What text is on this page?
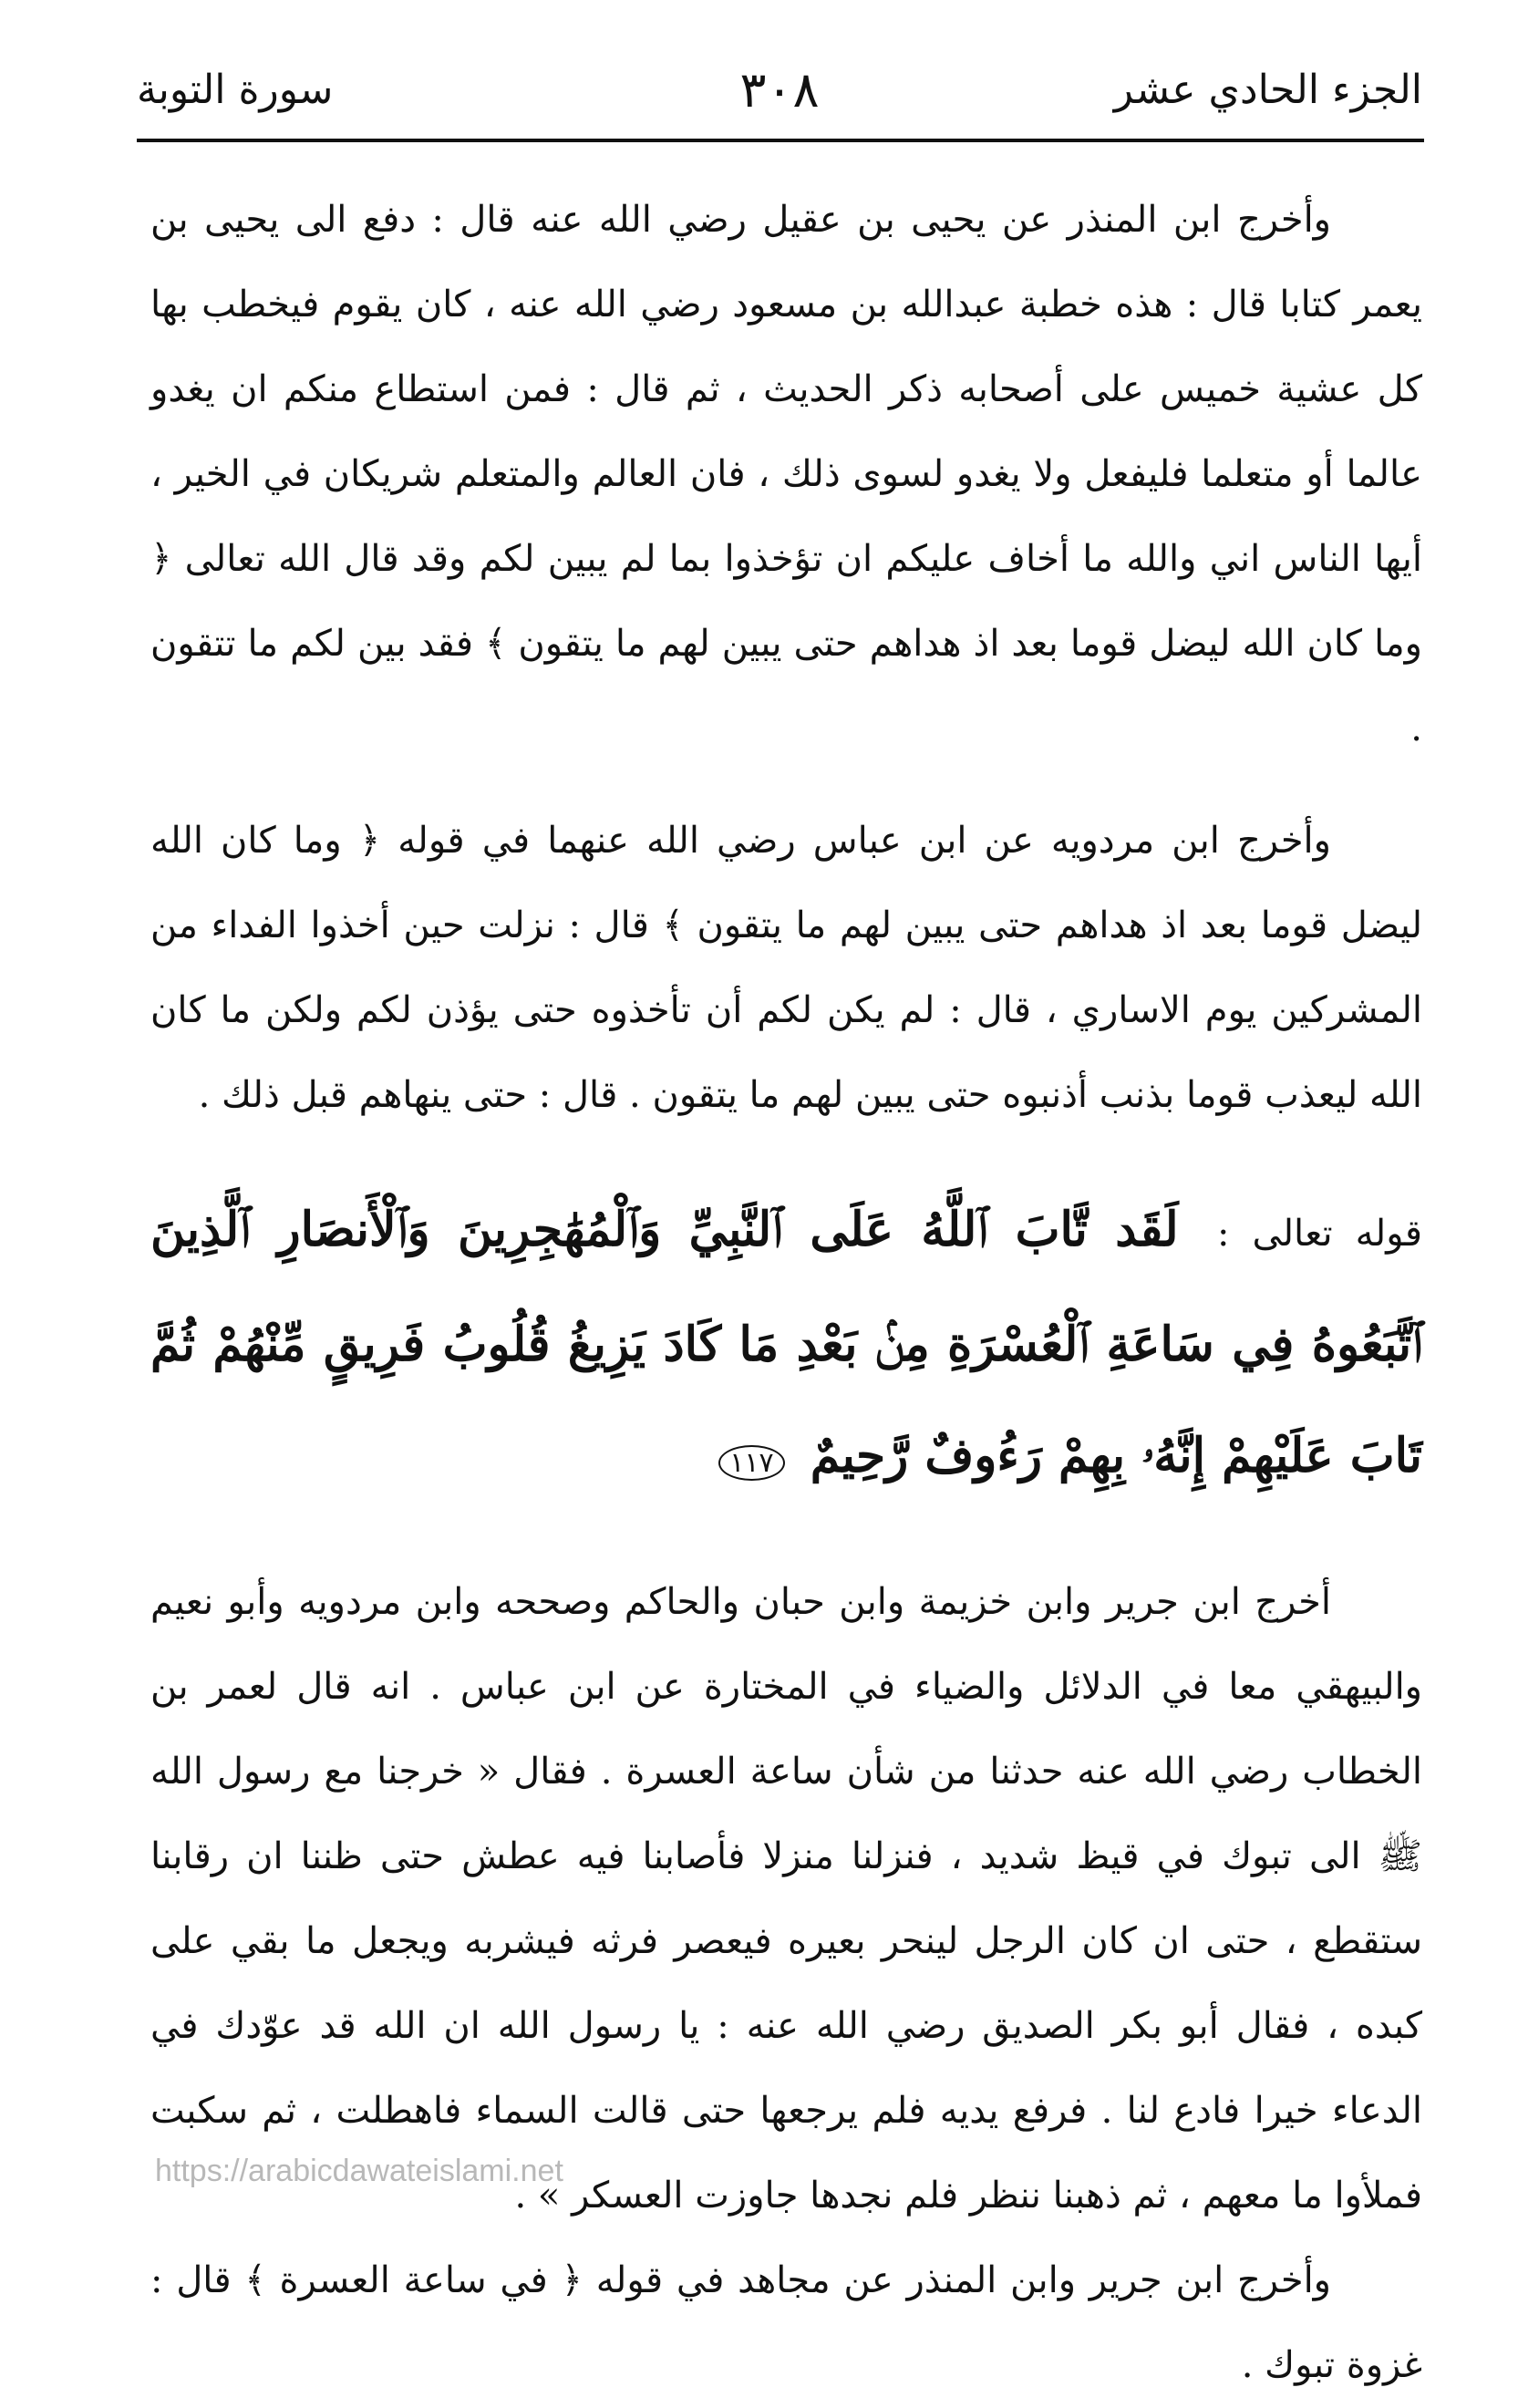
الجزء الحادي عشر
٣٠٨
سورة التوبة

وأخرج ابن المنذر عن يحيى بن عقيل رضي الله عنه قال : دفع الى يحيى بن يعمر كتابا قال : هذه خطبة عبدالله بن مسعود رضي الله عنه ، كان يقوم فيخطب بها كل عشية خميس على أصحابه ذكر الحديث ، ثم قال : فمن استطاع منكم ان يغدو عالما أو متعلما فليفعل ولا يغدو لسوى ذلك ، فان العالم والمتعلم شريكان في الخير ، أيها الناس اني والله ما أخاف عليكم ان تؤخذوا بما لم يبين لكم وقد قال الله تعالى ﴿ وما كان الله ليضل قوما بعد اذ هداهم حتى يبين لهم ما يتقون ﴾ فقد بين لكم ما تتقون .

وأخرج ابن مردويه عن ابن عباس رضي الله عنهما في قوله ﴿ وما كان الله ليضل قوما بعد اذ هداهم حتى يبين لهم ما يتقون ﴾ قال : نزلت حين أخذوا الفداء من المشركين يوم الاساري ، قال : لم يكن لكم أن تأخذوه حتى يؤذن لكم ولكن ما كان الله ليعذب قوما بذنب أذنبوه حتى يبين لهم ما يتقون . قال : حتى ينهاهم قبل ذلك .

قوله تعالى : لَقَد تَّابَ ٱللَّهُ عَلَى ٱلنَّبِيِّ وَٱلْمُهَٰجِرِينَ وَٱلْأَنصَارِ ٱلَّذِينَ ٱتَّبَعُوهُ فِي سَاعَةِ ٱلْعُسْرَةِ مِنۢ بَعْدِ مَا كَادَ يَزِيغُ قُلُوبُ فَرِيقٍ مِّنْهُمْ ثُمَّ تَابَ عَلَيْهِمْ إِنَّهُۥ بِهِمْ رَءُوفٌ رَّحِيمٌ ١١٧

أخرج ابن جرير وابن خزيمة وابن حبان والحاكم وصححه وابن مردويه وأبو نعيم والبيهقي معا في الدلائل والضياء في المختارة عن ابن عباس . انه قال لعمر بن الخطاب رضي الله عنه حدثنا من شأن ساعة العسرة . فقال « خرجنا مع رسول الله ﷺ الى تبوك في قيظ شديد ، فنزلنا منزلا فأصابنا فيه عطش حتى ظننا ان رقابنا ستقطع ، حتى ان كان الرجل لينحر بعيره فيعصر فرثه فيشربه ويجعل ما بقي على كبده ، فقال أبو بكر الصديق رضي الله عنه : يا رسول الله ان الله قد عوّدك في الدعاء خيرا فادع لنا . فرفع يديه فلم يرجعها حتى قالت السماء فاهطلت ، ثم سكبت فملأوا ما معهم ، ثم ذهبنا ننظر فلم نجدها جاوزت العسكر » .

وأخرج ابن جرير وابن المنذر عن مجاهد في قوله ﴿ في ساعة العسرة ﴾ قال : غزوة تبوك .

https://arabicdawateislami.net
